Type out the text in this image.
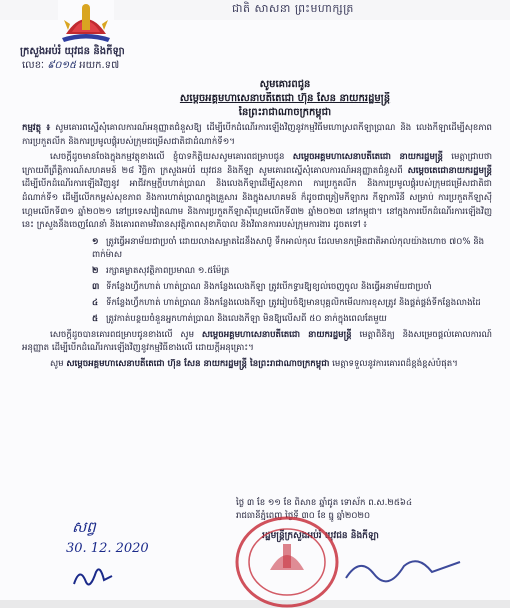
ជាតិ សាសនា ព្រះមហាក្សត្រ
ក្រសួងអប់រំ យុវជន និងកីឡា
លេខៈ ៩០១៥ អយក.ទ៧
សូមគោរពជូន
សម្តេចអគ្គមហាសេនាបតីតេជោ ហ៊ុន សែន នាយករដ្ឋមន្ត្រី
នៃព្រះរាជាណាចក្រកម្ពុជា

កម្មវត្ថុ ៖ សូមគោរពស្នើសុំគោលការណ៍អនុញ្ញាតជំនួសឱ្យ ដើម្បីបើកដំណើរការឡើងវិញនូវកម្មវិធីមហោស្រពកីឡាប្រាណ និង លេងកីឡាដើម្បីសុខភាព ការប្រកួតលីក និងការប្រមូលផ្តុំរបស់ក្រុមជម្រើសជាតិជាដំណាក់ទី១។

សេចក្តីដូចមានចែងក្នុងកម្មវត្ថុខាងលើ ខ្ញុំបាទកិត្តិយសសូមគោរពជម្រាបជូន សម្តេចអគ្គមហាសេនាបតីតេជោ នាយករដ្ឋមន្ត្រី មេត្តាជ្រាបថា ក្រោយពីព្រឹត្តិការណ៍សហគមន៍ ២៨ វិច្ឆិកា ក្រសួងអប់រំ យុវជន និងកីឡា សូមគោរពស្នើសុំគោលការណ៍អនុញ្ញាតជំនួសពី សម្តេចតេជោនាយករដ្ឋមន្ត្រី ដើម្បីបើកដំណើរការឡើងវិញនូវ អាជីវកម្មក្លឹបហាត់ប្រាណ និងលេងកីឡាដើម្បីសុខភាព ការប្រកួតលីក និងការប្រមូលផ្តុំរបស់ក្រុមជម្រើសជាតិជាដំណាក់ទី១ ដើម្បីលើកកម្ពស់សុខភាព និងការហាត់ប្រាណក្នុងគ្រួសារ និងក្នុងសហគមន៍ ក៏ដូចជាត្រៀមកីឡាករ កីឡាការិនី សម្រាប់ ការប្រកួតកីឡាស៊ីហ្គេមលើកទី៣១ ឆ្នាំ២០២១ នៅប្រទេសវៀតណាម និងការប្រកួតកីឡាស៊ីហ្គេមលើកទី៣២ ឆ្នាំ២០២៣ នៅកម្ពុជា។ នៅក្នុងការបើកដំណើរការឡើងវិញនេះ ក្រសួងនឹងចេញណែនាំ និងគោរពតាមវិធានសុវត្ថិភាពសុខាភិបាល និងវិធានការរបស់ក្រុមការងារ ដូចតទៅ ៖

១ ត្រូវធ្វើអនាម័យជាប្រចាំ ដោយលាងសម្អាតដៃនឹងសាប៊ូ ទឹកអាល់កុល ដែលមានកម្រិតជាតិអាល់កុលយ៉ាងហោច ៧០% និងពាក់ម៉ាស
២ រក្សាគម្លាតសុវត្ថិភាពប្រមាណ ១.៥ម៉ែត្រ
៣ ទីកន្លែងហ្វឹកហាត់ ហាត់ប្រាណ និងកន្លែងលេងកីឡា ត្រូវបើកទ្វារឱ្យខ្យល់ចេញចូល និងធ្វើអនាម័យជាប្រចាំ
៤ ទីកន្លែងហ្វឹកហាត់ ហាត់ប្រាណ និងកន្លែងលេងកីឡា ត្រូវរៀបចំឱ្យមានបុគ្គលិកមើលការខុសត្រូវ និងផ្គត់ផ្គង់ទីកន្លែងលាងដៃ
៥ ត្រូវកាត់បន្ថយចំនួនអ្នកហាត់ប្រាណ និងលេងកីឡា មិនឱ្យលើសពី ៥០ នាក់ក្នុងពេលតែមួយ

សេចក្តីដូចបានគោរពជម្រាបជូនខាងលើ សូម សម្តេចអគ្គមហាសេនាបតីតេជោ នាយករដ្ឋមន្ត្រី មេត្តាពិនិត្យ និងសម្រេចផ្តល់គោលការណ៍អនុញ្ញាត ដើម្បីបើកដំណើរការឡើងវិញនូវកម្មវិធីខាងលើ ដោយក្តីអនុគ្រោះ។

សូម សម្តេចអគ្គមហាសេនាបតីតេជោ ហ៊ុន សែន នាយករដ្ឋមន្ត្រី នៃព្រះរាជាណាចក្រកម្ពុជា មេត្តាទទួលនូវការគោរពដ៏ខ្ពង់ខ្ពស់បំផុត។

ថ្ងៃ ៣ ខែ ១១ ខែ ពិសាខ ឆ្នាំជូត ទោស័ក ព.ស.២៥៦៤
រាជធានីភ្នំពេញ ថ្ងៃទី ៣០ ខែ ធ្នូ ឆ្នាំ២០២០
រដ្ឋមន្ត្រីក្រសួងអប់រំ យុវជន និងកីឡា
សព្វ
30. 12. 2020
